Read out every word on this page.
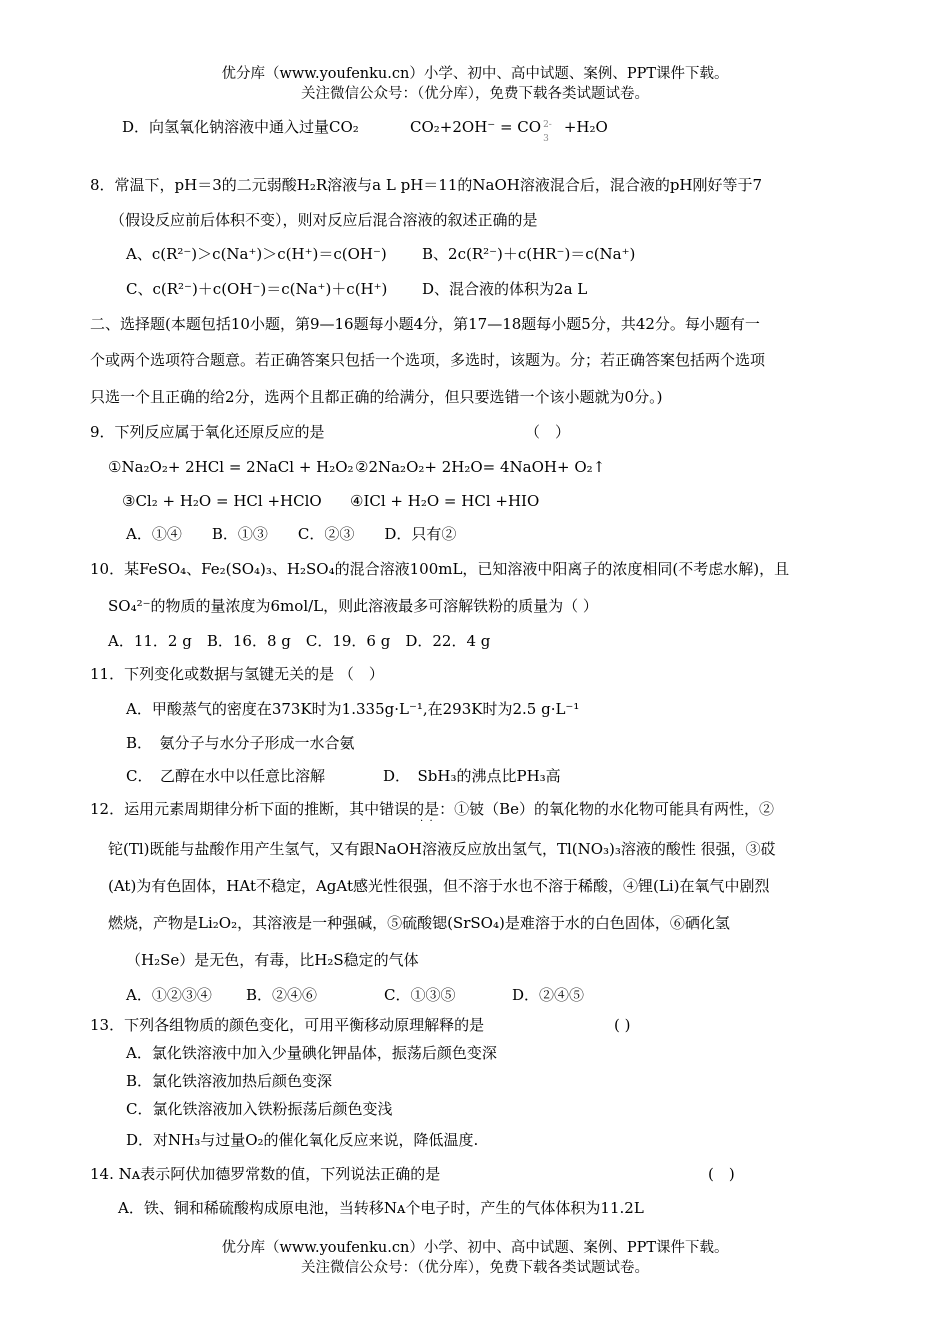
优分库（www.youfenku.cn）小学、初中、高中试题、案例、PPT课件下载。
关注微信公众号：（优分库），免费下载各类试题试卷。
D．向氢氧化钠溶液中通入过量CO₂	CO₂+2OH⁻ = CO 2-
3
+H₂O
8．常温下，pH＝3的二元弱酸H₂R溶液与a L pH＝11的NaOH溶液混合后，混合液的pH刚好等于7
（假设反应前后体积不变），则对反应后混合溶液的叙述正确的是
A、c(R²⁻)＞c(Na⁺)＞c(H⁺)＝c(OH⁻) B、2c(R²⁻)＋c(HR⁻)＝c(Na⁺)
C、c(R²⁻)＋c(OH⁻)＝c(Na⁺)＋c(H⁺) D、混合液的体积为2a L
二、选择题(本题包括10小题，第9—16题每小题4分，第17—18题每小题5分，共42分。每小题有一
个或两个选项符合题意。若正确答案只包括一个选项，多选时，该题为。分；若正确答案包括两个选项
只选一个且正确的给2分，选两个且都正确的给满分，但只要选错一个该小题就为0分。)
9．下列反应属于氧化还原反应的是	（　）
①Na₂O₂+ 2HCl = 2NaCl + H₂O₂ ②2Na₂O₂+ 2H₂O= 4NaOH+ O₂↑
③Cl₂ + H₂O = HCl +HClO ④ICl + H₂O = HCl +HIO
A．①④　　B．①③　　C．②③　　D．只有②
10．某FeSO₄、Fe₂(SO₄)₃、H₂SO₄的混合溶液100mL，已知溶液中阳离子的浓度相同(不考虑水解)，且
SO₄²⁻的物质的量浓度为6mol/L，则此溶液最多可溶解铁粉的质量为（ ）
A．11．2 g　B．16．8 g　C．19．6 g　D．22．4 g
11．下列变化或数据与氢键无关的是 （　）
A．甲酸蒸气的密度在373K时为1.335g·L⁻¹,在293K时为2.5 g·L⁻¹
B．　氨分子与水分子形成一水合氨
C．　乙醇在水中以任意比溶解	D．　SbH₃的沸点比PH₃高
12．运用元素周期律分析下面的推断，其中错误的是：①铍（Be）的氧化物的水化物可能具有两性，②
·  ·
铊(Tl)既能与盐酸作用产生氢气，又有跟NaOH溶液反应放出氢气，Tl(NO₃)₃溶液的酸性 很强，③砹
(At)为有色固体，HAt不稳定，AgAt感光性很强，但不溶于水也不溶于稀酸，④锂(Li)在氧气中剧烈
燃烧，产物是Li₂O₂，其溶液是一种强碱，⑤硫酸锶(SrSO₄)是难溶于水的白色固体，⑥硒化氢
（H₂Se）是无色，有毒，比H₂S稳定的气体
A．①②③④ B．②④⑥	C．①③⑤	D．②④⑤
13．下列各组物质的颜色变化，可用平衡移动原理解释的是	( )
A．氯化铁溶液中加入少量碘化钾晶体，振荡后颜色变深
B．氯化铁溶液加热后颜色变深
C．氯化铁溶液加入铁粉振荡后颜色变浅
D．对NH₃与过量O₂的催化氧化反应来说，降低温度.
14. Nᴀ表示阿伏加德罗常数的值，下列说法正确的是	(　)
A．铁、铜和稀硫酸构成原电池，当转移Nᴀ个电子时，产生的气体体积为11.2L
优分库（www.youfenku.cn）小学、初中、高中试题、案例、PPT课件下载。
关注微信公众号：（优分库），免费下载各类试题试卷。
